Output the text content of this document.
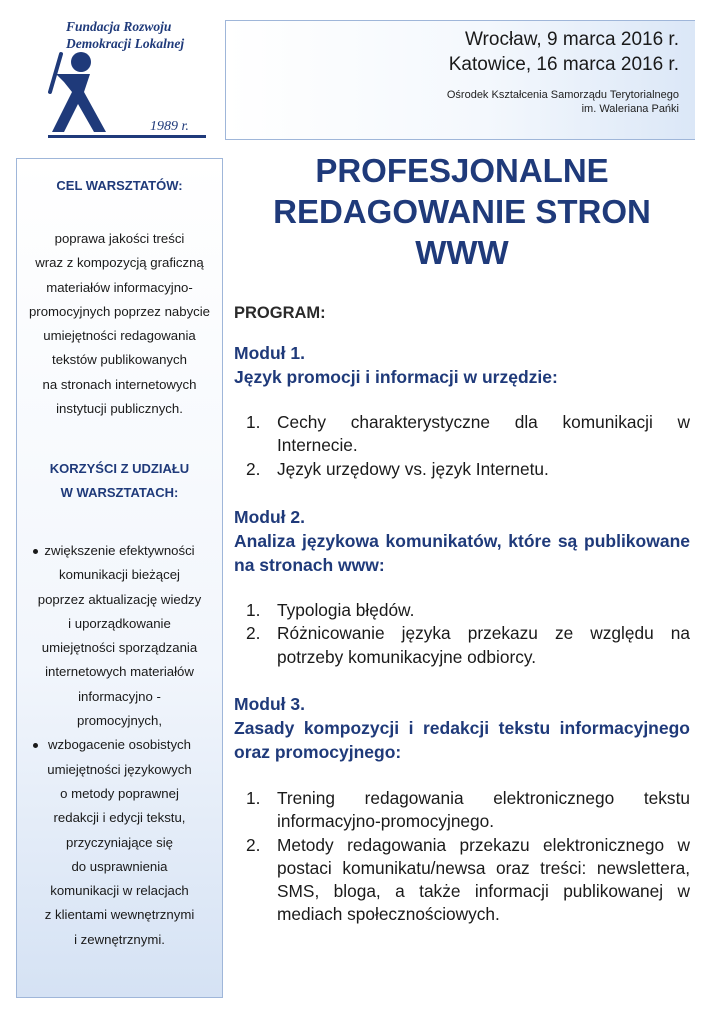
Fundacja Rozwoju
Demokracji Lokalnej
1989 r.
Wrocław, 9 marca 2016 r.
Katowice, 16 marca 2016 r.
Ośrodek Kształcenia Samorządu Terytorialnego
im. Waleriana Pańki
CEL WARSZTATÓW:
poprawa jakości treści
wraz z kompozycją graficzną
materiałów informacyjno-
promocyjnych poprzez nabycie
umiejętności redagowania
tekstów publikowanych
na stronach internetowych
instytucji publicznych.
KORZYŚCI Z UDZIAŁU
W WARSZTATACH:
zwiększenie efektywności
komunikacji bieżącej
poprzez aktualizację wiedzy
i uporządkowanie
umiejętności sporządzania
internetowych materiałów
informacyjno -
promocyjnych,
wzbogacenie osobistych
umiejętności językowych
o metody poprawnej
redakcji i edycji tekstu,
przyczyniające się
do usprawnienia
komunikacji w relacjach
z klientami wewnętrznymi
i zewnętrznymi.
PROFESJONALNE
REDAGOWANIE STRON
WWW
PROGRAM:
Moduł 1.
Język promocji i informacji w urzędzie:
1. Cechy charakterystyczne dla komunikacji w Internecie.
2. Język urzędowy vs. język Internetu.
Moduł 2.
Analiza językowa komunikatów, które są publikowane na stronach www:
1. Typologia błędów.
2. Różnicowanie języka przekazu ze względu na potrzeby komunikacyjne odbiorcy.
Moduł 3.
Zasady kompozycji i redakcji tekstu informacyjnego oraz promocyjnego:
1. Trening redagowania elektronicznego tekstu informacyjno-promocyjnego.
2. Metody redagowania przekazu elektronicznego w postaci komunikatu/newsa oraz treści: newslettera, SMS, bloga, a także informacji publikowanej w mediach społecznościowych.
